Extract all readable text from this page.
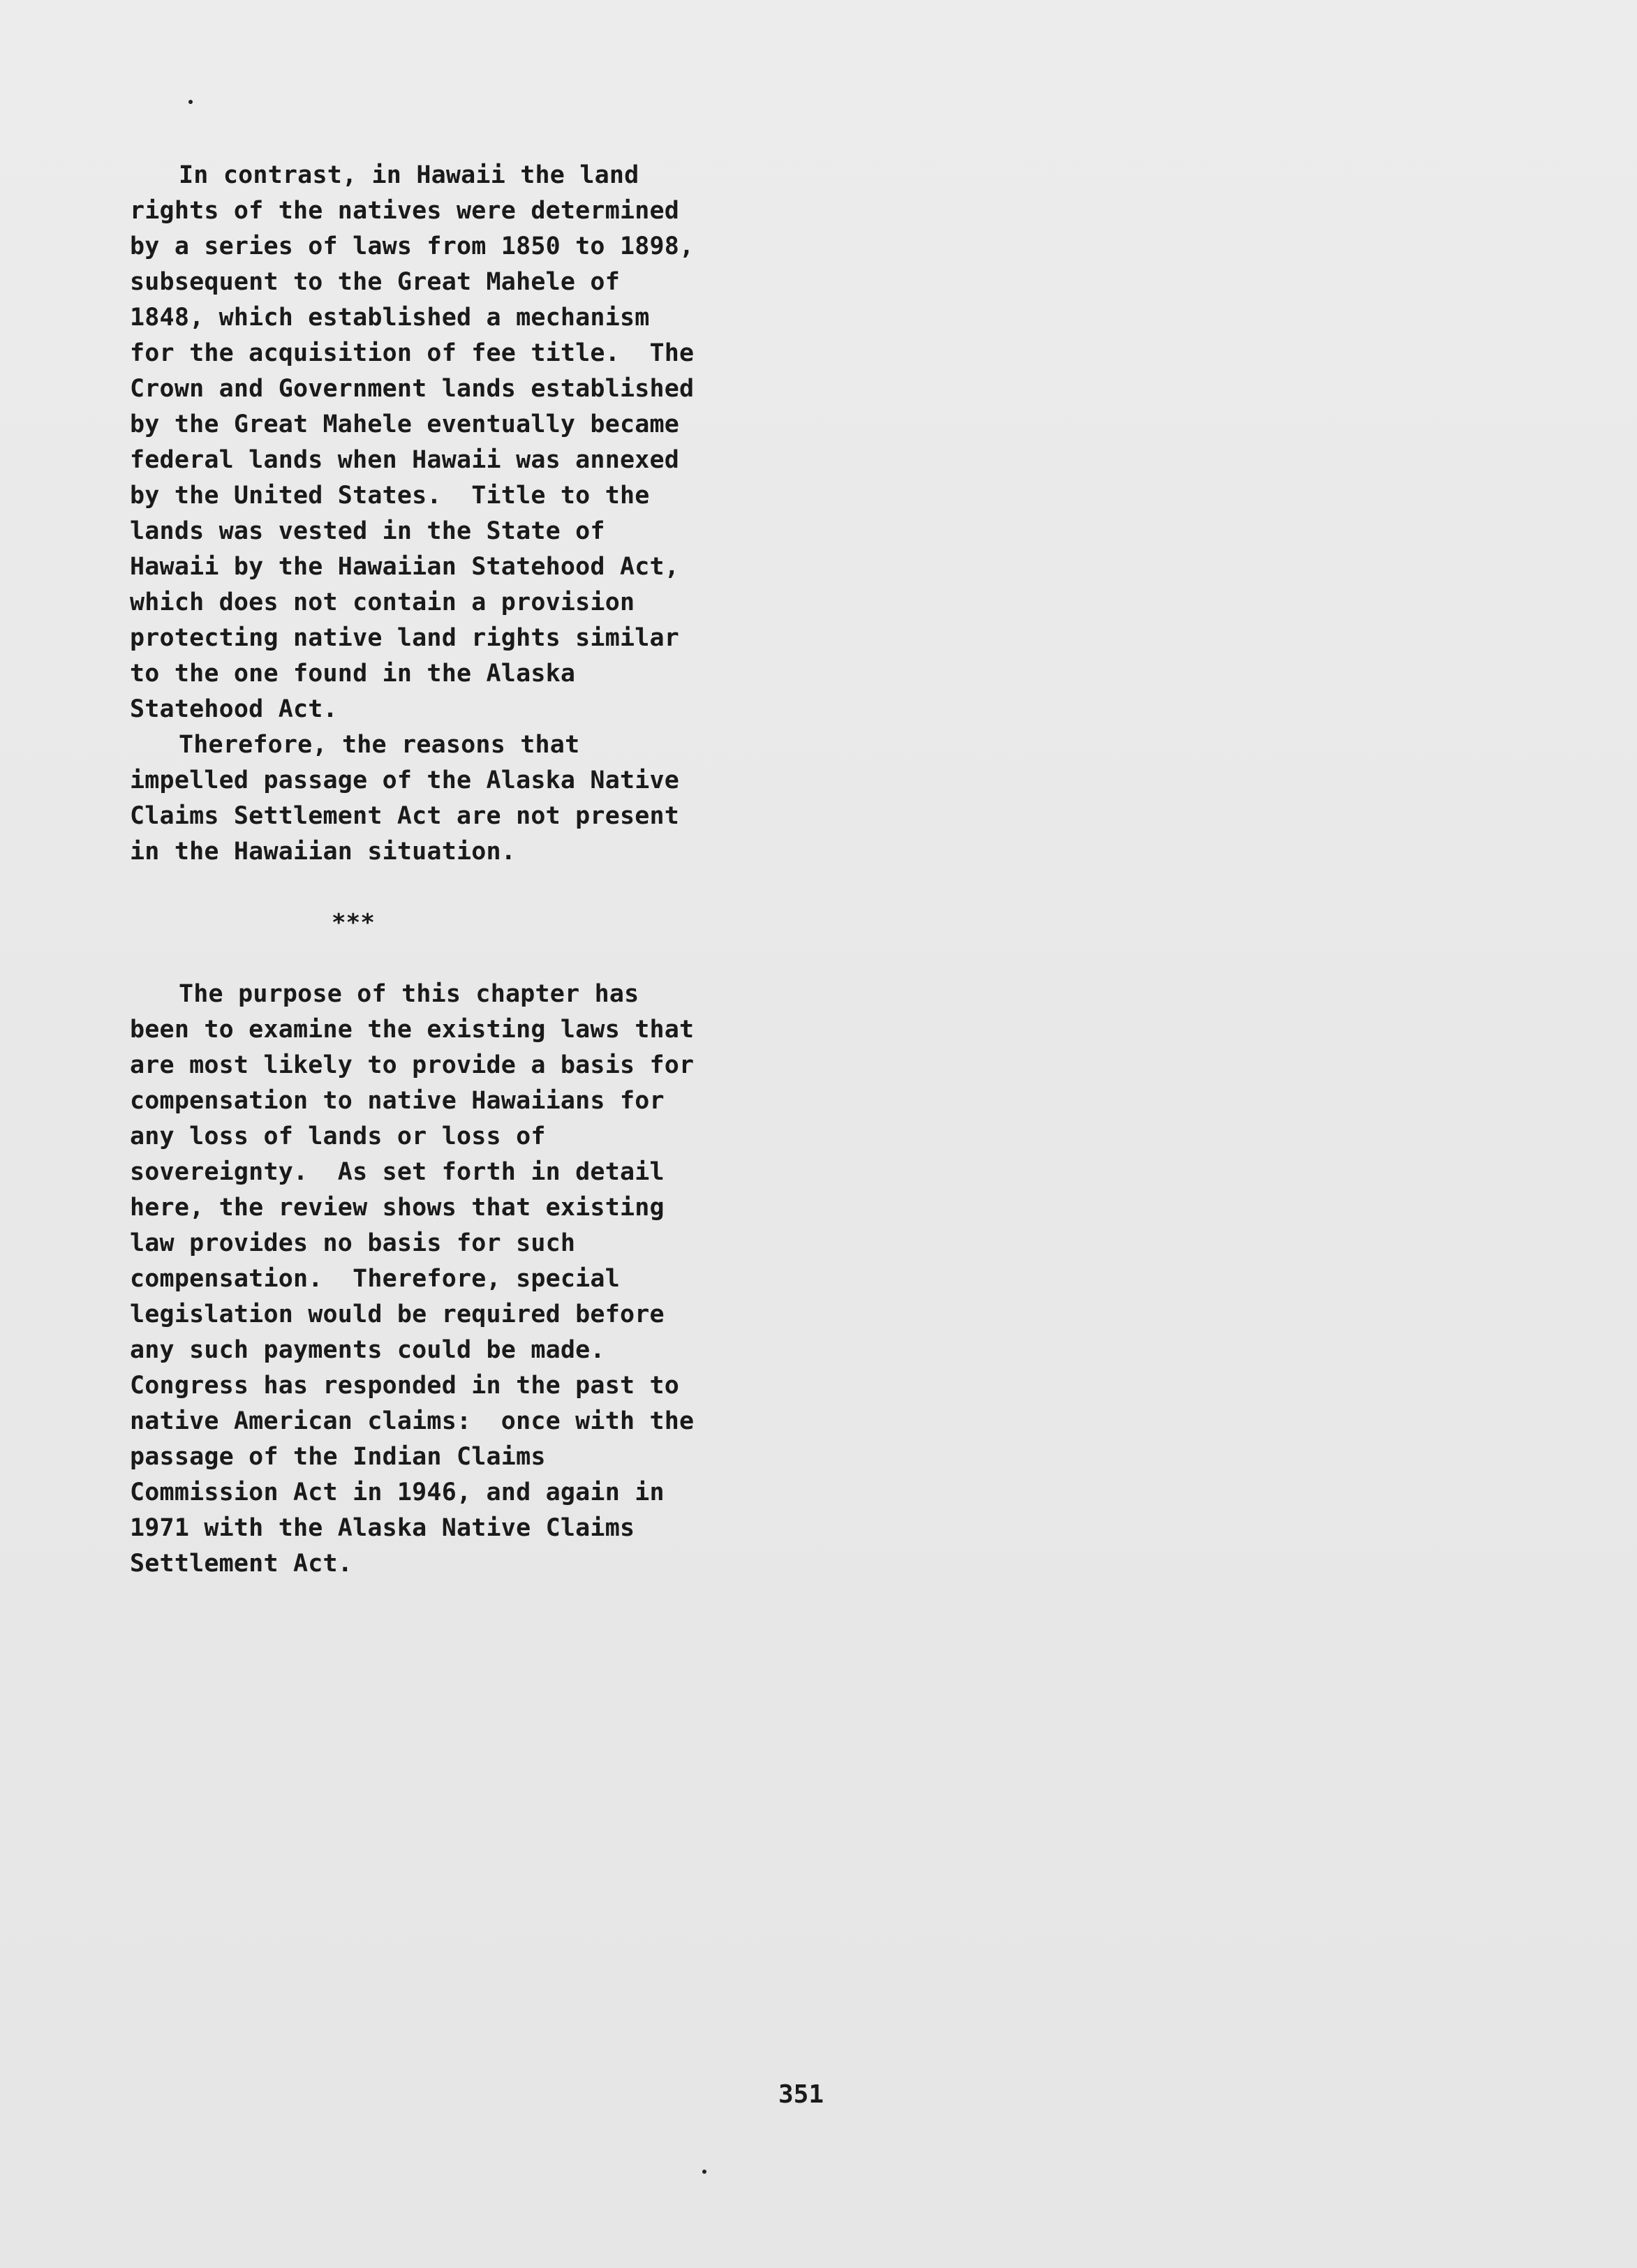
In contrast, in Hawaii the land
rights of the natives were determined
by a series of laws from 1850 to 1898,
subsequent to the Great Mahele of
1848, which established a mechanism
for the acquisition of fee title.  The
Crown and Government lands established
by the Great Mahele eventually became
federal lands when Hawaii was annexed
by the United States.  Title to the
lands was vested in the State of
Hawaii by the Hawaiian Statehood Act,
which does not contain a provision
protecting native land rights similar
to the one found in the Alaska
Statehood Act.
Therefore, the reasons that
impelled passage of the Alaska Native
Claims Settlement Act are not present
in the Hawaiian situation.
***
The purpose of this chapter has
been to examine the existing laws that
are most likely to provide a basis for
compensation to native Hawaiians for
any loss of lands or loss of
sovereignty.  As set forth in detail
here, the review shows that existing
law provides no basis for such
compensation.  Therefore, special
legislation would be required before
any such payments could be made.
Congress has responded in the past to
native American claims:  once with the
passage of the Indian Claims
Commission Act in 1946, and again in
1971 with the Alaska Native Claims
Settlement Act.
351
